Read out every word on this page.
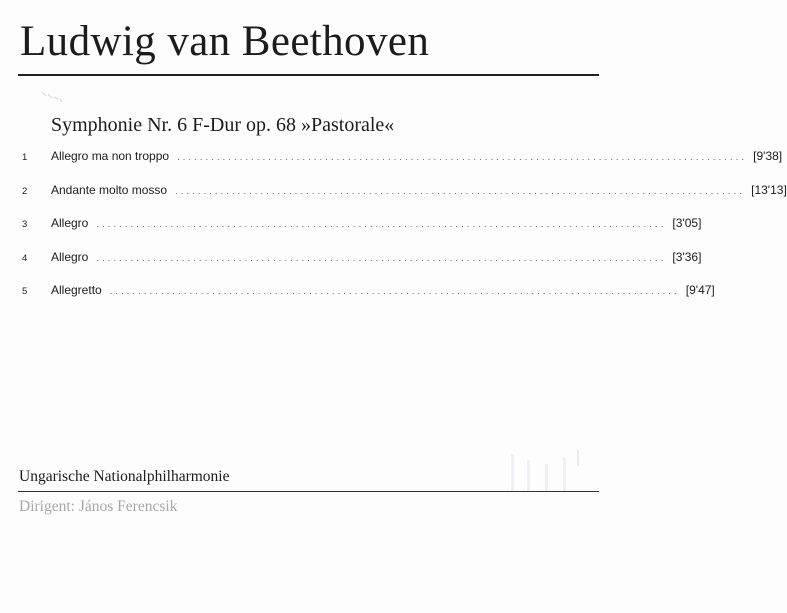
Ludwig van Beethoven
Symphonie Nr. 6 F-Dur op. 68 »Pastorale«
1	Allegro ma non troppo .................................................................................................... [9'38]
2	Andante molto mosso .................................................................................................... [13'13]
3	Allegro .................................................................................................... [3'05]
4	Allegro .................................................................................................... [3'36]
5	Allegretto .................................................................................................... [9'47]
Ungarische Nationalphilharmonie
Dirigent: János Ferencsik
